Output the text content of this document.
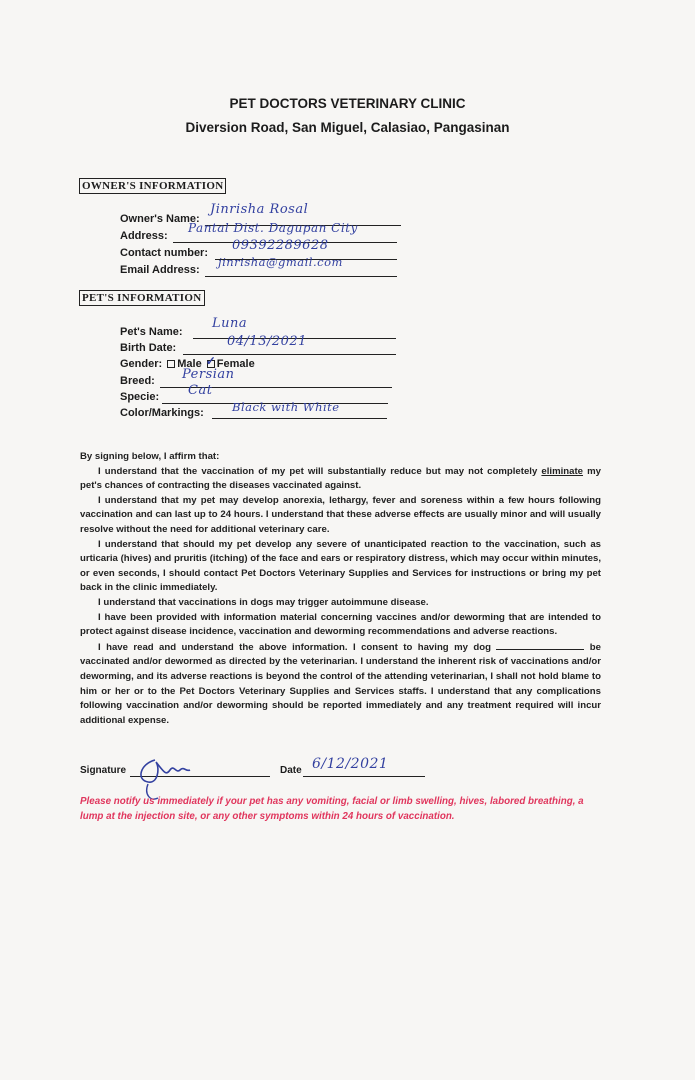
PET DOCTORS VETERINARY CLINIC
Diversion Road, San Miguel, Calasiao, Pangasinan
OWNER'S INFORMATION
Owner's Name:
Jinrisha Rosal
Address:
Pantal Dist. Dagupan City
Contact number: 09392289628
Email Address:
jinrisha@gmail.com
PET'S INFORMATION
Pet's Name:
Luna
Birth Date:	04/13/2021
Gender: Male ✓ Female
Breed: Persian
Specie: Cat
Color/Markings: Black with White

By signing below, I affirm that:

I understand that the vaccination of my pet will substantially reduce but may not completely eliminate my pet's chances of contracting the diseases vaccinated against.

I understand that my pet may develop anorexia, lethargy, fever and soreness within a few hours following vaccination and can last up to 24 hours. I understand that these adverse effects are usually minor and will usually resolve without the need for additional veterinary care.

I understand that should my pet develop any severe of unanticipated reaction to the vaccination, such as urticaria (hives) and pruritis (itching) of the face and ears or respiratory distress, which may occur within minutes, or even seconds, I should contact Pet Doctors Veterinary Supplies and Services for instructions or bring my pet back in the clinic immediately.

I understand that vaccinations in dogs may trigger autoimmune disease.

I have been provided with information material concerning vaccines and/or deworming that are intended to protect against disease incidence, vaccination and deworming recommendations and adverse reactions.

I have read and understand the above information. I consent to having my dog	be vaccinated and/or dewormed as directed by the veterinarian. I understand the inherent risk of vaccinations and/or deworming, and its adverse reactions is beyond the control of the attending veterinarian, I shall not hold blame to him or her or to the Pet Doctors Veterinary Supplies and Services staffs. I understand that any complications following vaccination and/or deworming should be reported immediately and any treatment required will incur additional expense.

Signature	Date 6/12/2021
Please notify us immediately if your pet has any vomiting, facial or limb swelling, hives, labored breathing, a lump at the injection site, or any other symptoms within 24 hours of vaccination.
